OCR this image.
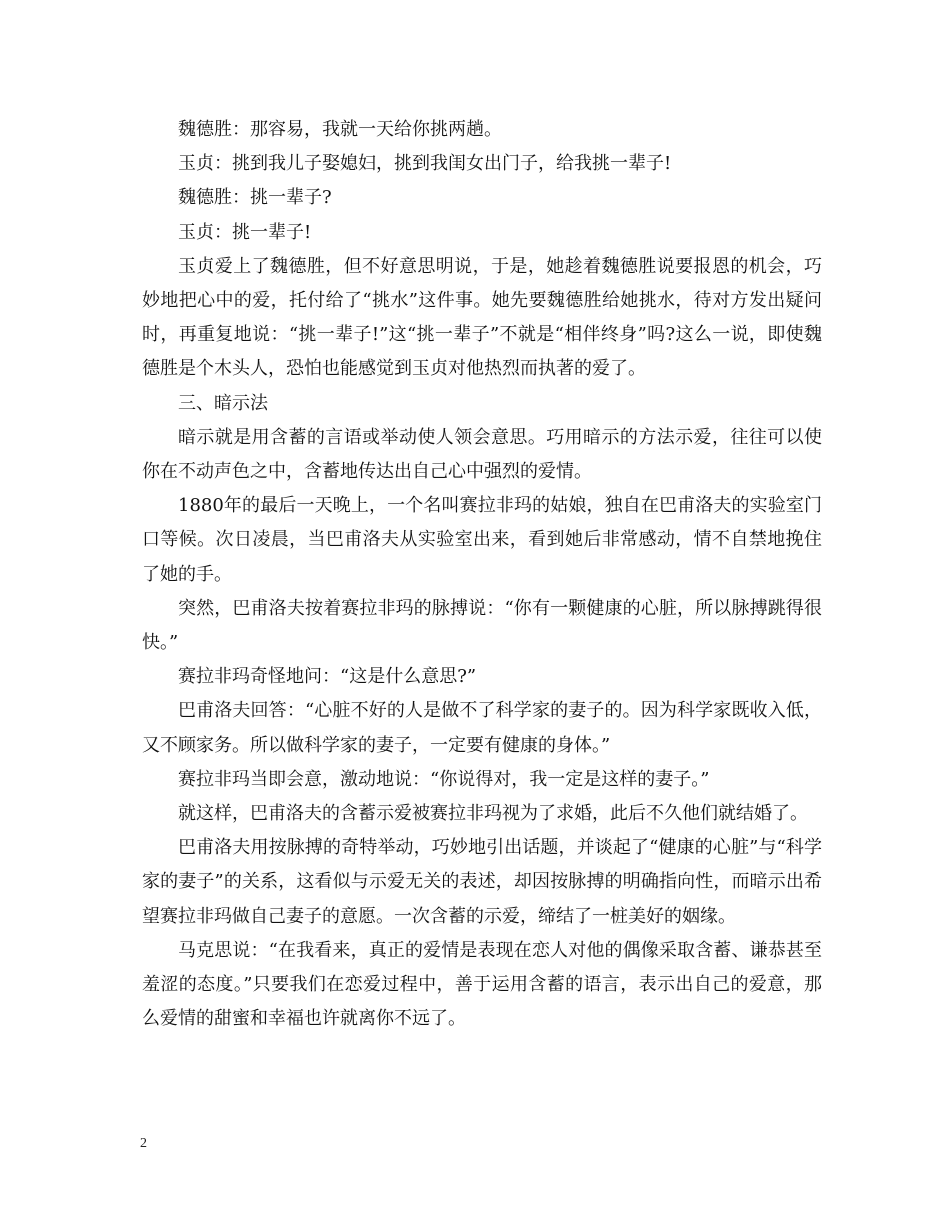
魏德胜：那容易，我就一天给你挑两趟。

玉贞：挑到我儿子娶媳妇，挑到我闺女出门子，给我挑一辈子!

魏德胜：挑一辈子?

玉贞：挑一辈子!

玉贞爱上了魏德胜，但不好意思明说，于是，她趁着魏德胜说要报恩的机会，巧妙地把心中的爱，托付给了“挑水”这件事。她先要魏德胜给她挑水，待对方发出疑问时，再重复地说：“挑一辈子!”这“挑一辈子”不就是“相伴终身”吗?这么一说，即使魏德胜是个木头人，恐怕也能感觉到玉贞对他热烈而执著的爱了。

三、暗示法

暗示就是用含蓄的言语或举动使人领会意思。巧用暗示的方法示爱，往往可以使你在不动声色之中，含蓄地传达出自己心中强烈的爱情。

1880年的最后一天晚上，一个名叫赛拉非玛的姑娘，独自在巴甫洛夫的实验室门口等候。次日凌晨，当巴甫洛夫从实验室出来，看到她后非常感动，情不自禁地挽住了她的手。

突然，巴甫洛夫按着赛拉非玛的脉搏说：“你有一颗健康的心脏，所以脉搏跳得很快。”

赛拉非玛奇怪地问：“这是什么意思?”

巴甫洛夫回答：“心脏不好的人是做不了科学家的妻子的。因为科学家既收入低，又不顾家务。所以做科学家的妻子，一定要有健康的身体。”

赛拉非玛当即会意，激动地说：“你说得对，我一定是这样的妻子。”

就这样，巴甫洛夫的含蓄示爱被赛拉非玛视为了求婚，此后不久他们就结婚了。

巴甫洛夫用按脉搏的奇特举动，巧妙地引出话题，并谈起了“健康的心脏”与“科学家的妻子”的关系，这看似与示爱无关的表述，却因按脉搏的明确指向性，而暗示出希望赛拉非玛做自己妻子的意愿。一次含蓄的示爱，缔结了一桩美好的姻缘。

马克思说：“在我看来，真正的爱情是表现在恋人对他的偶像采取含蓄、谦恭甚至羞涩的态度。”只要我们在恋爱过程中，善于运用含蓄的语言，表示出自己的爱意，那么爱情的甜蜜和幸福也许就离你不远了。

2
